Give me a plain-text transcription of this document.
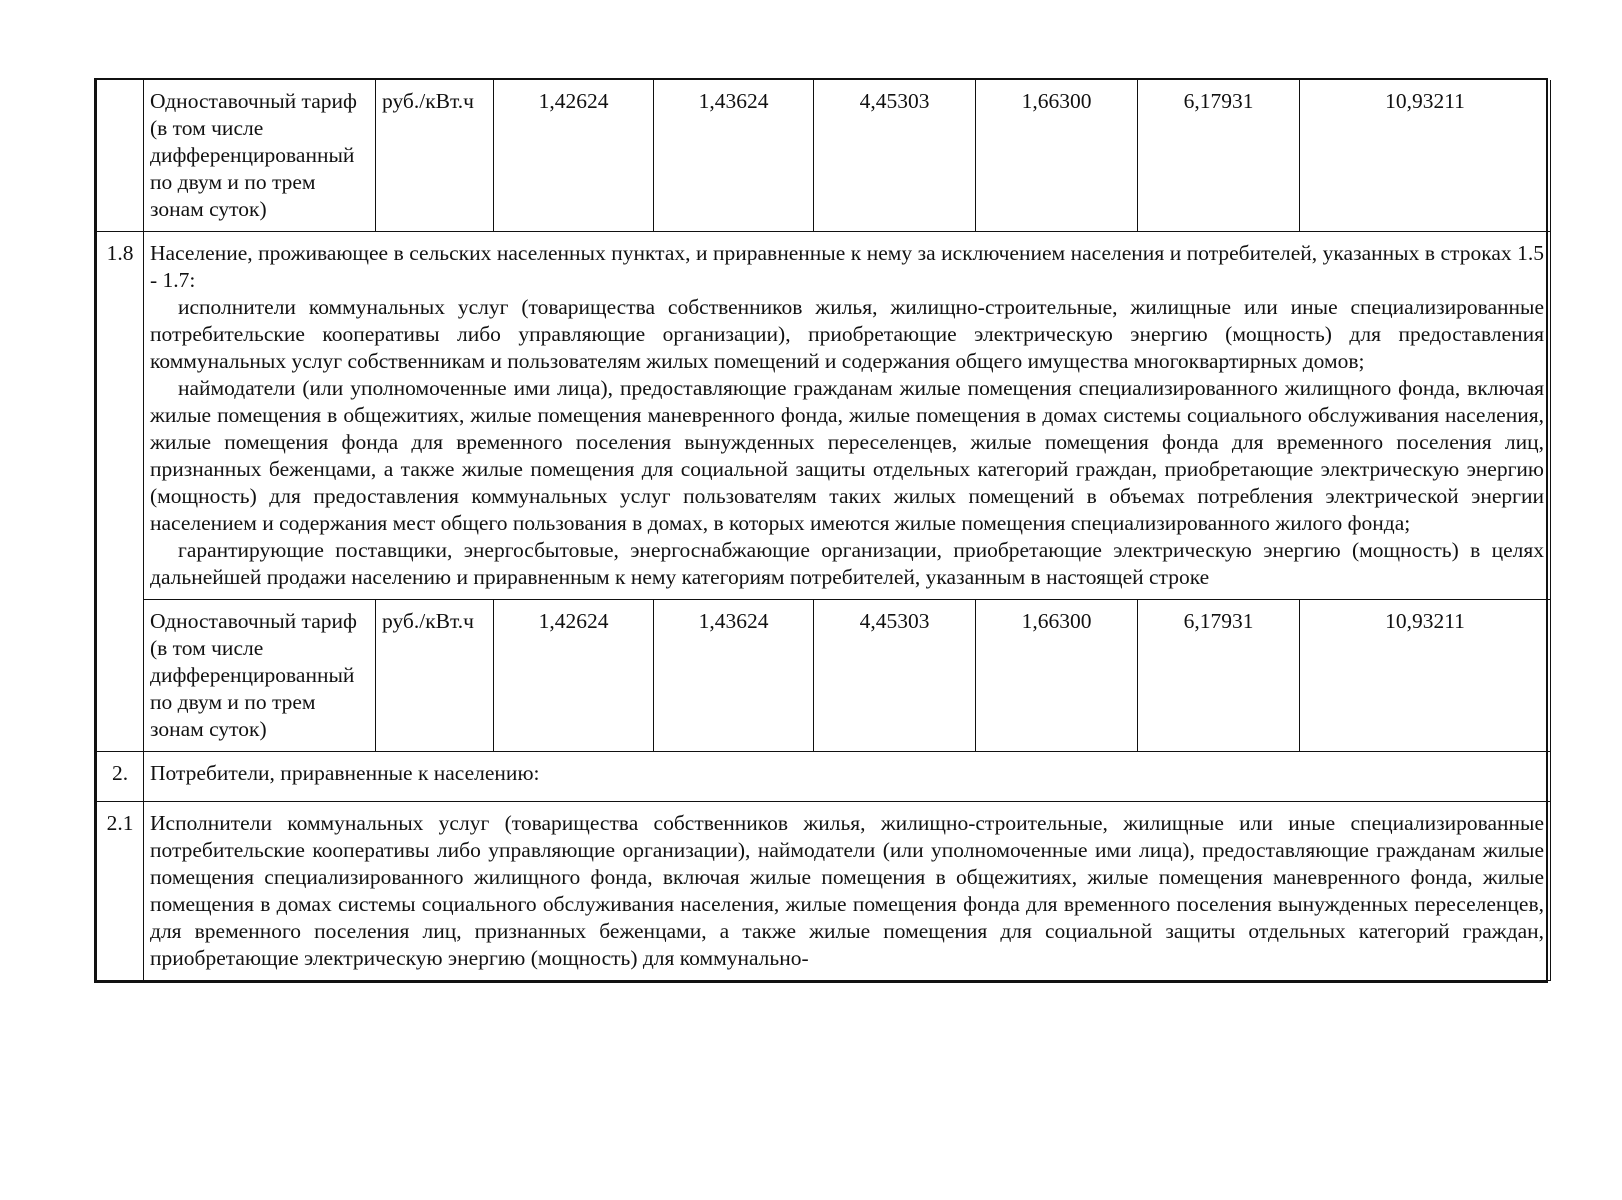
	Одноставочный тариф (в том числе дифференцированный по двум и по трем зонам суток)	руб./кВт.ч	1,42624	1,43624	4,45303	1,66300	6,17931	10,93211
1.8	Население, проживающее в сельских населенных пунктах, и приравненные к нему за исключением населения и потребителей, указанных в строках 1.5 - 1.7:

исполнители коммунальных услуг (товарищества собственников жилья, жилищно-строительные, жилищные или иные специализированные потребительские кооперативы либо управляющие организации), приобретающие электрическую энергию (мощность) для предоставления коммунальных услуг собственникам и пользователям жилых помещений и содержания общего имущества многоквартирных домов;

наймодатели (или уполномоченные ими лица), предоставляющие гражданам жилые помещения специализированного жилищного фонда, включая жилые помещения в общежитиях, жилые помещения маневренного фонда, жилые помещения в домах системы социального обслуживания населения, жилые помещения фонда для временного поселения вынужденных переселенцев, жилые помещения фонда для временного поселения лиц, признанных беженцами, а также жилые помещения для социальной защиты отдельных категорий граждан, приобретающие электрическую энергию (мощность) для предоставления коммунальных услуг пользователям таких жилых помещений в объемах потребления электрической энергии населением и содержания мест общего пользования в домах, в которых имеются жилые помещения специализированного жилого фонда;

гарантирующие поставщики, энергосбытовые, энергоснабжающие организации, приобретающие электрическую энергию (мощность) в целях дальнейшей продажи населению и приравненным к нему категориям потребителей, указанным в настоящей строке							

	Одноставочный тариф (в том числе дифференцированный по двум и по трем зонам суток)	руб./кВт.ч	1,42624	1,43624	4,45303	1,66300	6,17931	10,93211
2.	Потребители, приравненные к населению:							
2.1	Исполнители коммунальных услуг (товарищества собственников жилья, жилищно-строительные, жилищные или иные специализированные потребительские кооперативы либо управляющие организации), наймодатели (или уполномоченные ими лица), предоставляющие гражданам жилые помещения специализированного жилищного фонда, включая жилые помещения в общежитиях, жилые помещения маневренного фонда, жилые помещения в домах системы социального обслуживания населения, жилые помещения фонда для временного поселения вынужденных переселенцев, для временного поселения лиц, признанных беженцами, а также жилые помещения для социальной защиты отдельных категорий граждан, приобретающие электрическую энергию (мощность) для коммунально-							
